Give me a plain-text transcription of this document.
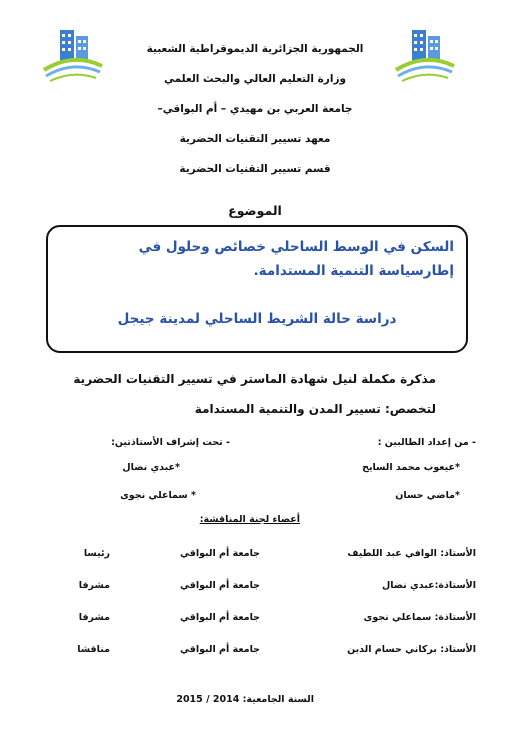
الجمهورية الجزائرية الديموقراطية الشعبية
وزارة التعليم العالي والبحث العلمي
جامعة العربي بن مهيدي – أم البواقي–
معهد تسيير التقنيات الحضرية
قسم تسيير التقنيات الحضرية
الموضوع
السكن في الوسط الساحلي خصائص وحلول في إطارسياسة التنمية المستدامة.
دراسة حالة الشريط الساحلي لمدينة جيجل
مذكرة مكملة لنيل شهادة الماستر في تسيير التقنيات الحضرية
لتخصص: تسيير المدن والتنمية المستدامة
- من إعداد الطالبين :
- تحت إشراف الأستاذتين:
*عيعوب محمد السايح
*عبدي نضال
*ماضي حسان
* سماعلي نجوى
أعضاء لجنة المناقشة:
الأستاذ: الوافي عبد اللطيف
جامعة أم البواقي
رئيسا
الأستاذة:عبدي نضال
جامعة أم البواقي
مشرفا
الأستاذة: سماعلي نجوى
جامعة أم البواقي
مشرفا
الأستاذ: بركاني حسام الدين
جامعة أم البواقي
مناقشا
السنة الجامعية: 2014 / 2015
